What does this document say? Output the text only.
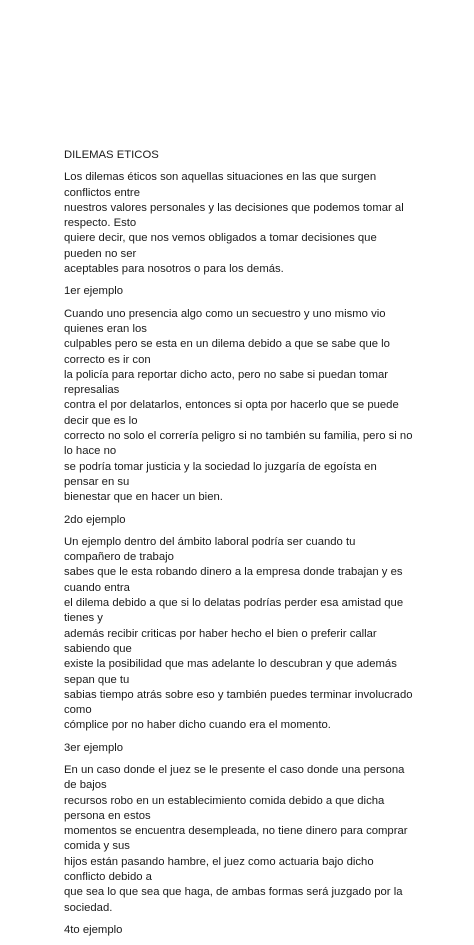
DILEMAS ETICOS

Los dilemas éticos son aquellas situaciones en las que surgen conflictos entre
nuestros valores personales y las decisiones que podemos tomar al respecto. Esto
quiere decir, que nos vemos obligados a tomar decisiones que pueden no ser
aceptables para nosotros o para los demás.

1er ejemplo

Cuando uno presencia algo como un secuestro y uno mismo vio quienes eran los
culpables pero se esta en un dilema debido a que se sabe que lo correcto es ir con
la policía para reportar dicho acto, pero no sabe si puedan tomar represalias
contra el por delatarlos, entonces si opta por hacerlo que se puede decir que es lo
correcto no solo el correría peligro si no también su familia, pero si no lo hace no
se podría tomar justicia y la sociedad lo juzgaría de egoísta en pensar en su
bienestar que en hacer un bien.

2do ejemplo

Un ejemplo dentro del ámbito laboral podría ser cuando tu compañero de trabajo
sabes que le esta robando dinero a la empresa donde trabajan y es cuando entra
el dilema debido a que si lo delatas podrías perder esa amistad que tienes y
además recibir criticas por haber hecho el bien o preferir callar sabiendo que
existe la posibilidad que mas adelante lo descubran y que además sepan que tu
sabias tiempo atrás sobre eso y también puedes terminar involucrado como
cómplice por no haber dicho cuando era el momento.

3er ejemplo

En un caso donde el juez se le presente el caso donde una persona de bajos
recursos robo en un establecimiento comida debido a que dicha persona en estos
momentos se encuentra desempleada, no tiene dinero para comprar comida y sus
hijos están pasando hambre, el juez como actuaria bajo dicho conflicto debido a
que sea lo que sea que haga, de ambas formas será juzgado por la sociedad.

4to ejemplo
